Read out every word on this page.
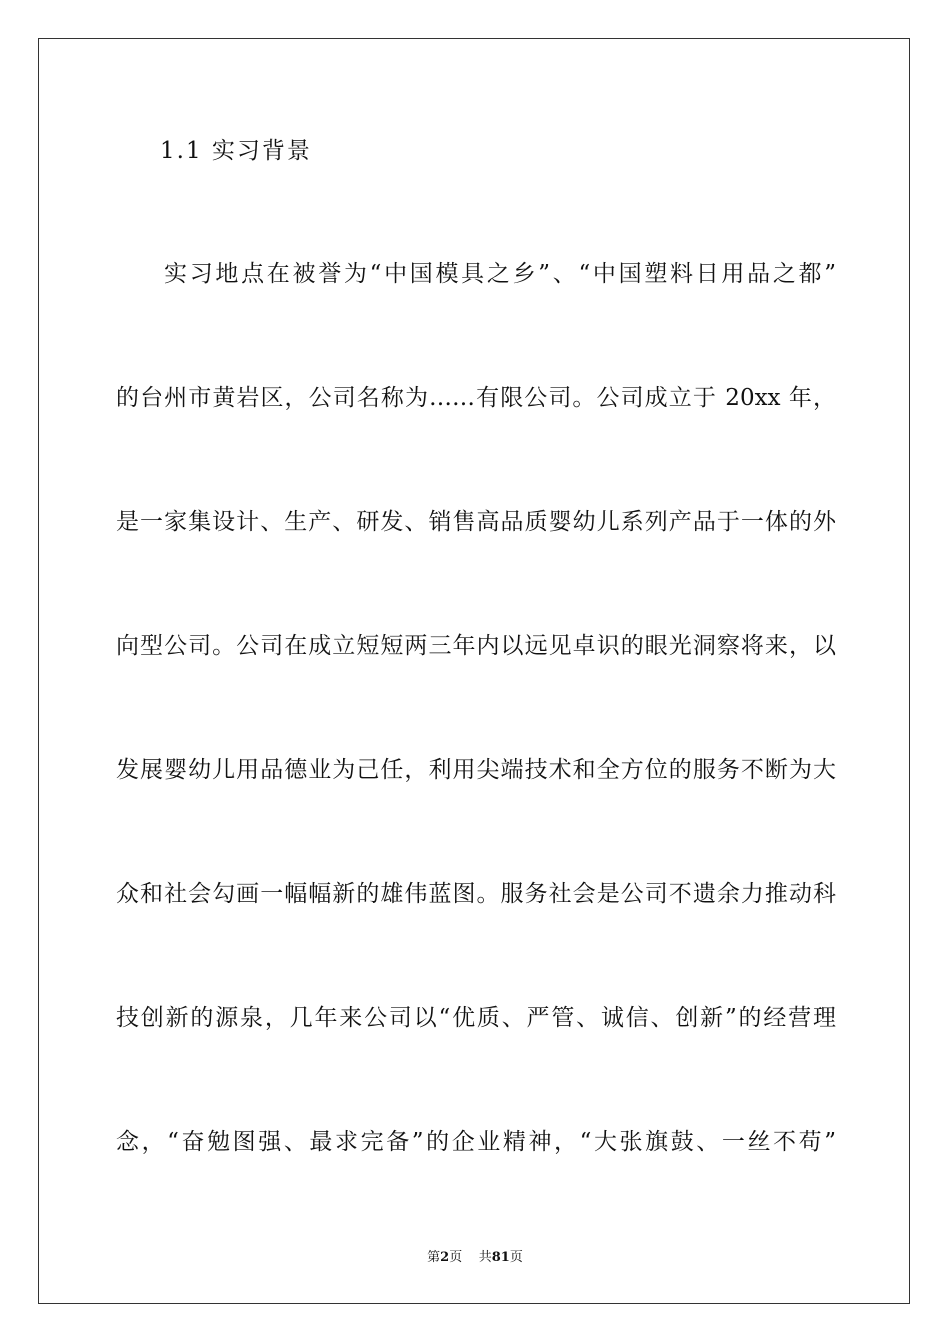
1.1 实习背景
实习地点在被誉为“中国模具之乡”、“中国塑料日用品之都”
的台州市黄岩区，公司名称为……有限公司。公司成立于 20xx 年，
是一家集设计、生产、研发、销售高品质婴幼儿系列产品于一体的外
向型公司。公司在成立短短两三年内以远见卓识的眼光洞察将来，以
发展婴幼儿用品德业为己任，利用尖端技术和全方位的服务不断为大
众和社会勾画一幅幅新的雄伟蓝图。服务社会是公司不遗余力推动科
技创新的源泉，几年来公司以“优质、严管、诚信、创新”的经营理
念，“奋勉图强、最求完备”的企业精神，“大张旗鼓、一丝不苟”
第2页 共81页
